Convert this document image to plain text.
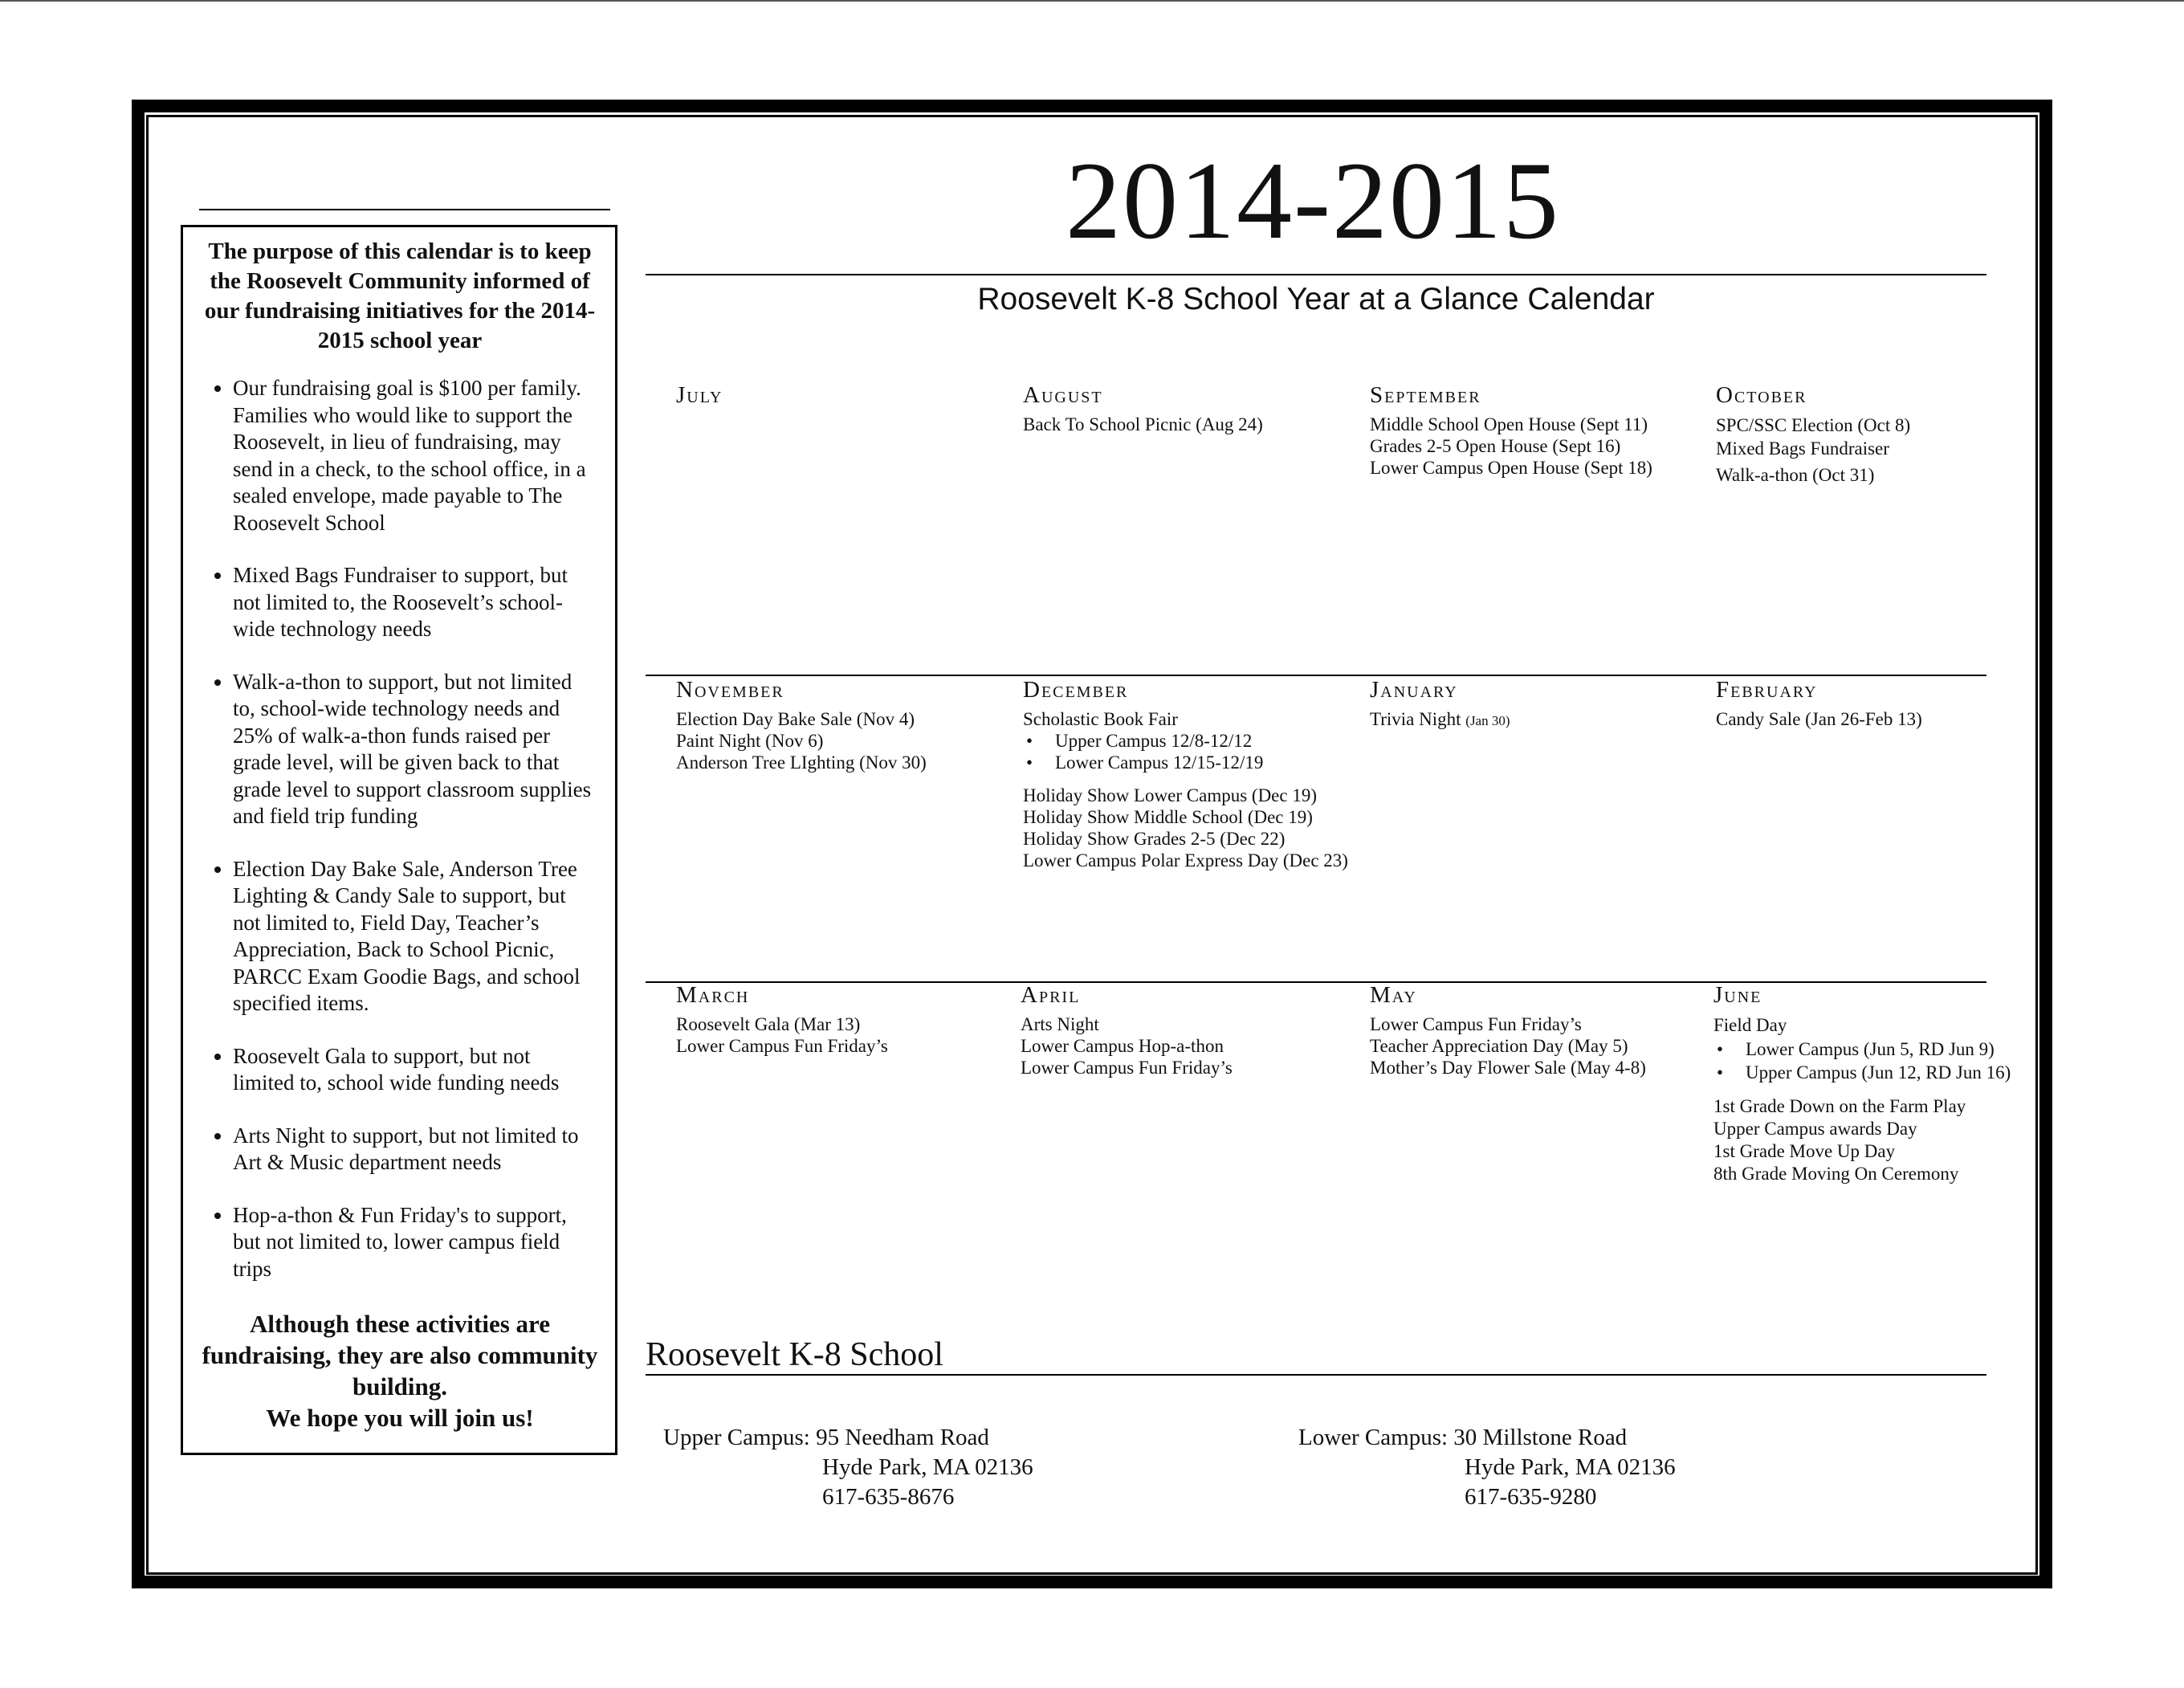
The purpose of this calendar is to keep the Roosevelt Community informed of our fundraising initiatives for the 2014-2015 school year
• Our fundraising goal is $100 per family. Families who would like to support the Roosevelt, in lieu of fundraising, may send in a check, to the school office, in a sealed envelope, made payable to The Roosevelt School
• Mixed Bags Fundraiser to support, but not limited to, the Roosevelt’s school-wide technology needs
• Walk-a-thon to support, but not limited to, school-wide technology needs and 25% of walk-a-thon funds raised per grade level, will be given back to that grade level to support classroom supplies and field trip funding
• Election Day Bake Sale, Anderson Tree Lighting & Candy Sale to support, but not limited to, Field Day, Teacher’s Appreciation, Back to School Picnic, PARCC Exam Goodie Bags, and school specified items.
• Roosevelt Gala to support, but not limited to, school wide funding needs
• Arts Night to support, but not limited to Art & Music department needs
• Hop-a-thon & Fun Friday's to support, but not limited to, lower campus field trips
Although these activities are fundraising, they are also community building.
We hope you will join us!
2014-2015
Roosevelt K-8 School Year at a Glance Calendar
July	August
Back To School Picnic (Aug 24)
September
Middle School Open House (Sept 11)
Grades 2-5 Open House (Sept 16)
Lower Campus Open House (Sept 18)
October
SPC/SSC Election (Oct 8)
Mixed Bags Fundraiser
Walk-a-thon (Oct 31)
November
Election Day Bake Sale (Nov 4)
Paint Night (Nov 6)
Anderson Tree LIghting (Nov 30)
December
Scholastic Book Fair
• Upper Campus 12/8-12/12
• Lower Campus 12/15-12/19
Holiday Show Lower Campus (Dec 19)
Holiday Show Middle School (Dec 19)
Holiday Show Grades 2-5 (Dec 22)
Lower Campus Polar Express Day (Dec 23)
January
Trivia Night (Jan 30)
February
Candy Sale (Jan 26-Feb 13)
March
Roosevelt Gala (Mar 13)
Lower Campus Fun Friday’s
April
Arts Night
Lower Campus Hop-a-thon
Lower Campus Fun Friday’s
May
Lower Campus Fun Friday’s
Teacher Appreciation Day (May 5)
Mother’s Day Flower Sale (May 4-8)
June
Field Day
• Lower Campus (Jun 5, RD Jun 9)
• Upper Campus (Jun 12, RD Jun 16)
1st Grade Down on the Farm Play
Upper Campus awards Day
1st Grade Move Up Day
8th Grade Moving On Ceremony
Roosevelt K-8 School
Upper Campus: 95 Needham Road
Hyde Park, MA 02136
617-635-8676
Lower Campus: 30 Millstone Road
Hyde Park, MA 02136
617-635-9280
